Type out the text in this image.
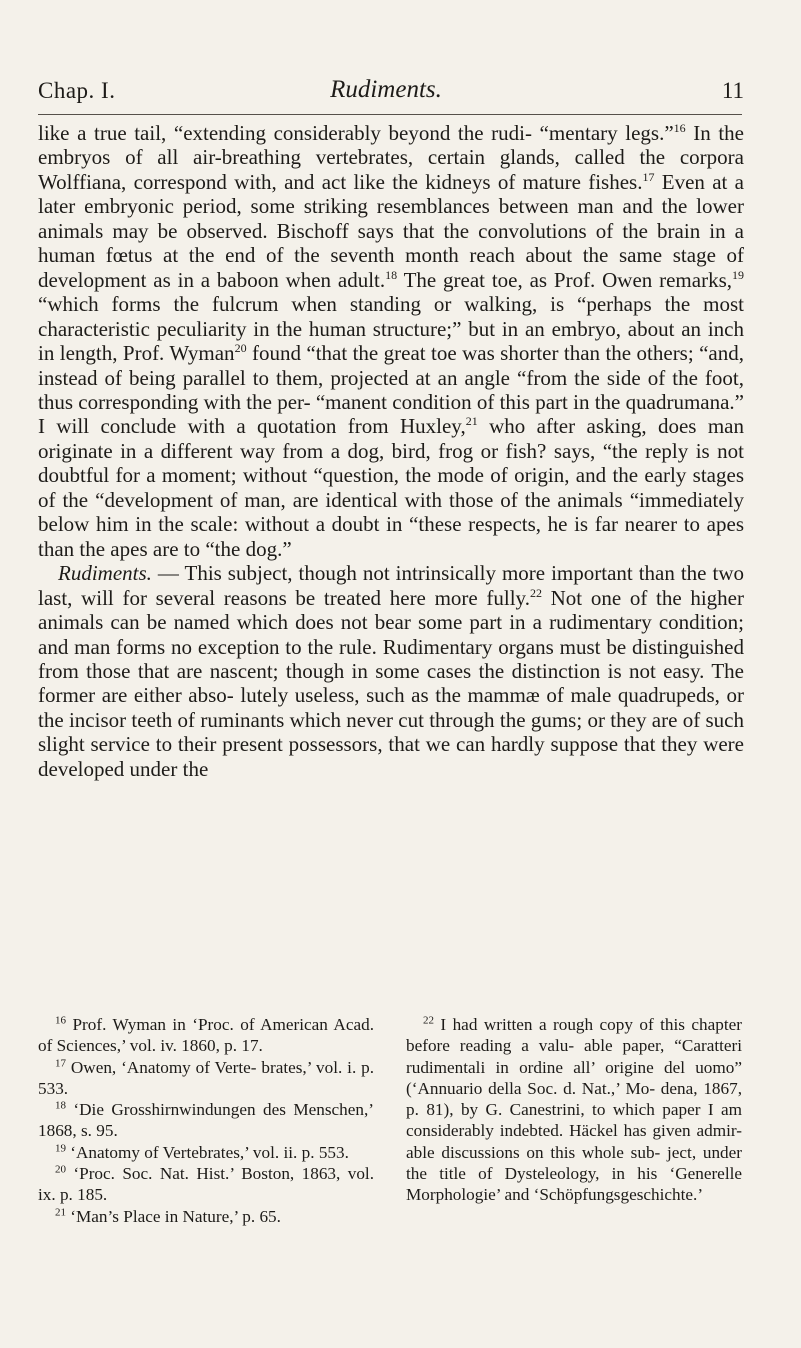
Chap. I.	Rudiments.	11

like a true tail, “extending considerably beyond the rudi- “mentary legs.”$^{16}$ In the embryos of all air-breathing vertebrates, certain glands, called the corpora Wolffiana, correspond with, and act like the kidneys of mature fishes.$^{17}$ Even at a later embryonic period, some striking resemblances between man and the lower animals may be observed. Bischoff says that the convolutions of the brain in a human fœtus at the end of the seventh month reach about the same stage of development as in a baboon when adult.$^{18}$ The great toe, as Prof. Owen remarks,$^{19}$ “which forms the fulcrum when standing or walking, is “perhaps the most characteristic peculiarity in the human structure;” but in an embryo, about an inch in length, Prof. Wyman$^{20}$ found “that the great toe was shorter than the others; “and, instead of being parallel to them, projected at an angle “from the side of the foot, thus corresponding with the per- “manent condition of this part in the quadrumana.” I will conclude with a quotation from Huxley,$^{21}$ who after asking, does man originate in a different way from a dog, bird, frog or fish? says, “the reply is not doubtful for a moment; without “question, the mode of origin, and the early stages of the “development of man, are identical with those of the animals “immediately below him in the scale: without a doubt in “these respects, he is far nearer to apes than the apes are to “the dog.”

Rudiments. — This subject, though not intrinsically more important than the two last, will for several reasons be treated here more fully.$^{22}$ Not one of the higher animals can be named which does not bear some part in a rudimentary condition; and man forms no exception to the rule. Rudimentary organs must be distinguished from those that are nascent; though in some cases the distinction is not easy. The former are either abso- lutely useless, such as the mammæ of male quadrupeds, or the incisor teeth of ruminants which never cut through the gums; or they are of such slight service to their present possessors, that we can hardly suppose that they were developed under the

$^{16}$ Prof. Wyman in ‘Proc. of American Acad. of Sciences,’ vol. iv. 1860, p. 17.

$^{17}$ Owen, ‘Anatomy of Verte- brates,’ vol. i. p. 533.

$^{18}$ ‘Die Grosshirnwindungen des Menschen,’ 1868, s. 95.

$^{19}$ ‘Anatomy of Vertebrates,’ vol. ii. p. 553.

$^{20}$ ‘Proc. Soc. Nat. Hist.’ Boston, 1863, vol. ix. p. 185.

$^{21}$ ‘Man’s Place in Nature,’ p. 65.

$^{22}$ I had written a rough copy of this chapter before reading a valu- able paper, “Caratteri rudimentali in ordine all’ origine del uomo” (‘Annuario della Soc. d. Nat.,’ Mo- dena, 1867, p. 81), by G. Canestrini, to which paper I am considerably indebted. Häckel has given admir- able discussions on this whole sub- ject, under the title of Dysteleology, in his ‘Generelle Morphologie’ and ‘Schöpfungsgeschichte.’
